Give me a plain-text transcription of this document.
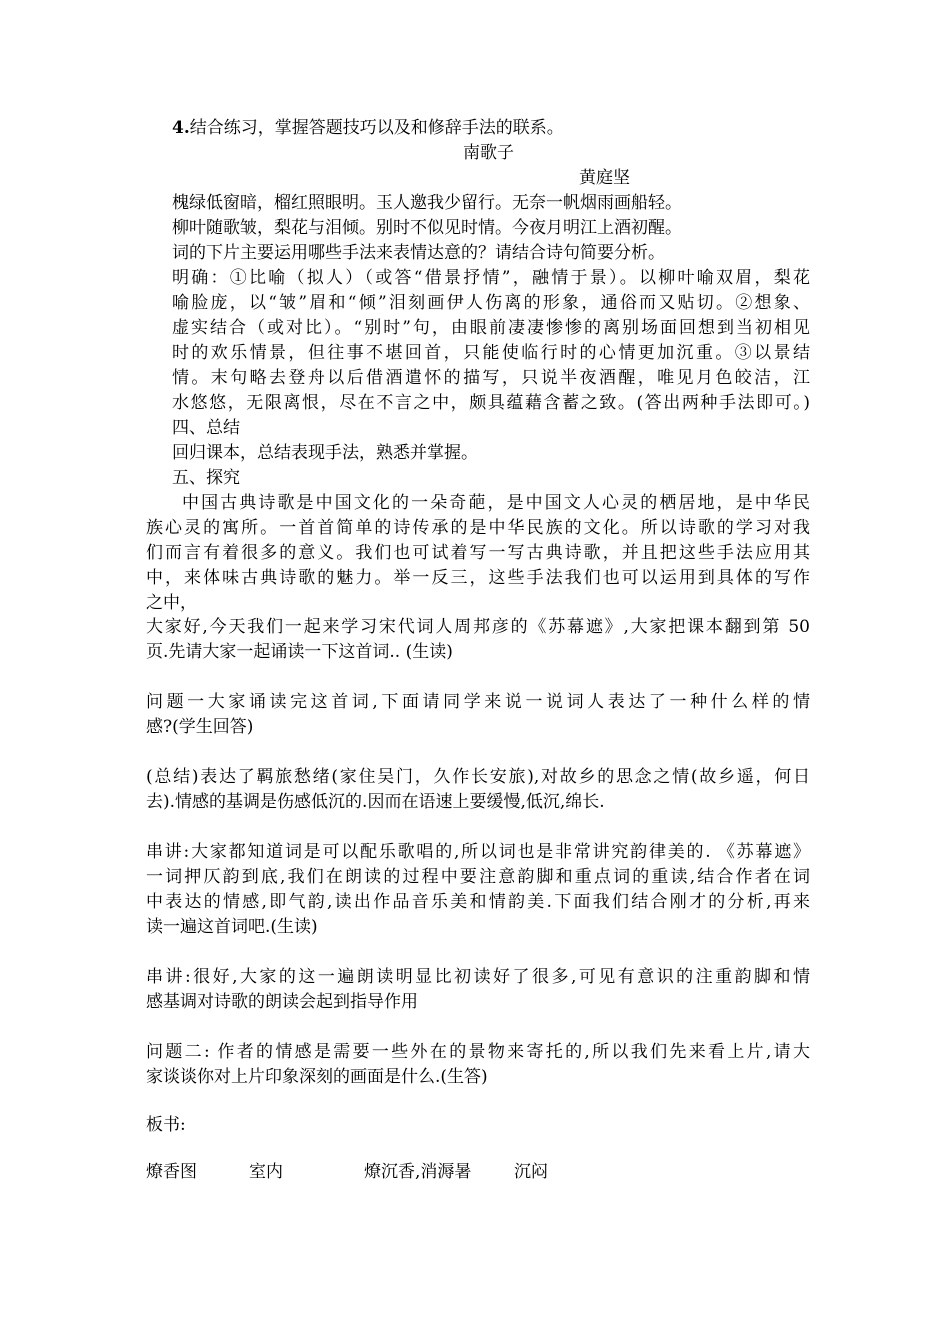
4.结合练习，掌握答题技巧以及和修辞手法的联系。
南歌子
黄庭坚
槐绿低窗暗，榴红照眼明。玉人邀我少留行。无奈一帆烟雨画船轻。
柳叶随歌皱，梨花与泪倾。别时不似见时情。今夜月明江上酒初醒。
词的下片主要运用哪些手法来表情达意的？请结合诗句简要分析。
明确：①比喻（拟人）（或答“借景抒情”，融情于景）。以柳叶喻双眉，梨花
喻脸庞，以“皱”眉和“倾”泪刻画伊人伤离的形象，通俗而又贴切。②想象、
虚实结合（或对比）。“别时”句，由眼前凄凄惨惨的离别场面回想到当初相见
时的欢乐情景，但往事不堪回首，只能使临行时的心情更加沉重。③以景结
情。末句略去登舟以后借酒遣怀的描写，只说半夜酒醒，唯见月色皎洁，江
水悠悠，无限离恨，尽在不言之中，颇具蕴藉含蓄之致。(答出两种手法即可。)
四、总结
回归课本，总结表现手法，熟悉并掌握。
五、探究
中国古典诗歌是中国文化的一朵奇葩，是中国文人心灵的栖居地，是中华民
族心灵的寓所。一首首简单的诗传承的是中华民族的文化。所以诗歌的学习对我
们而言有着很多的意义。我们也可试着写一写古典诗歌，并且把这些手法应用其
中，来体味古典诗歌的魅力。举一反三，这些手法我们也可以运用到具体的写作
之中，
大家好,今天我们一起来学习宋代词人周邦彦的《苏幕遮》,大家把课本翻到第 50
页.先请大家一起诵读一下这首词.. (生读)
问题一大家诵读完这首词,下面请同学来说一说词人表达了一种什么样的情
感?(学生回答)
(总结)表达了羁旅愁绪(家住吴门，久作长安旅),对故乡的思念之情(故乡遥，何日
去).情感的基调是伤感低沉的.因而在语速上要缓慢,低沉,绵长.
串讲:大家都知道词是可以配乐歌唱的,所以词也是非常讲究韵律美的. 《苏幕遮》
一词押仄韵到底,我们在朗读的过程中要注意韵脚和重点词的重读,结合作者在词
中表达的情感,即气韵,读出作品音乐美和情韵美.下面我们结合刚才的分析,再来
读一遍这首词吧.(生读)
串讲:很好,大家的这一遍朗读明显比初读好了很多,可见有意识的注重韵脚和情
感基调对诗歌的朗读会起到指导作用
问题二: 作者的情感是需要一些外在的景物来寄托的,所以我们先来看上片,请大
家谈谈你对上片印象深刻的画面是什么.(生答)
板书:
燎香图	室内	燎沉香,消溽暑	沉闷
